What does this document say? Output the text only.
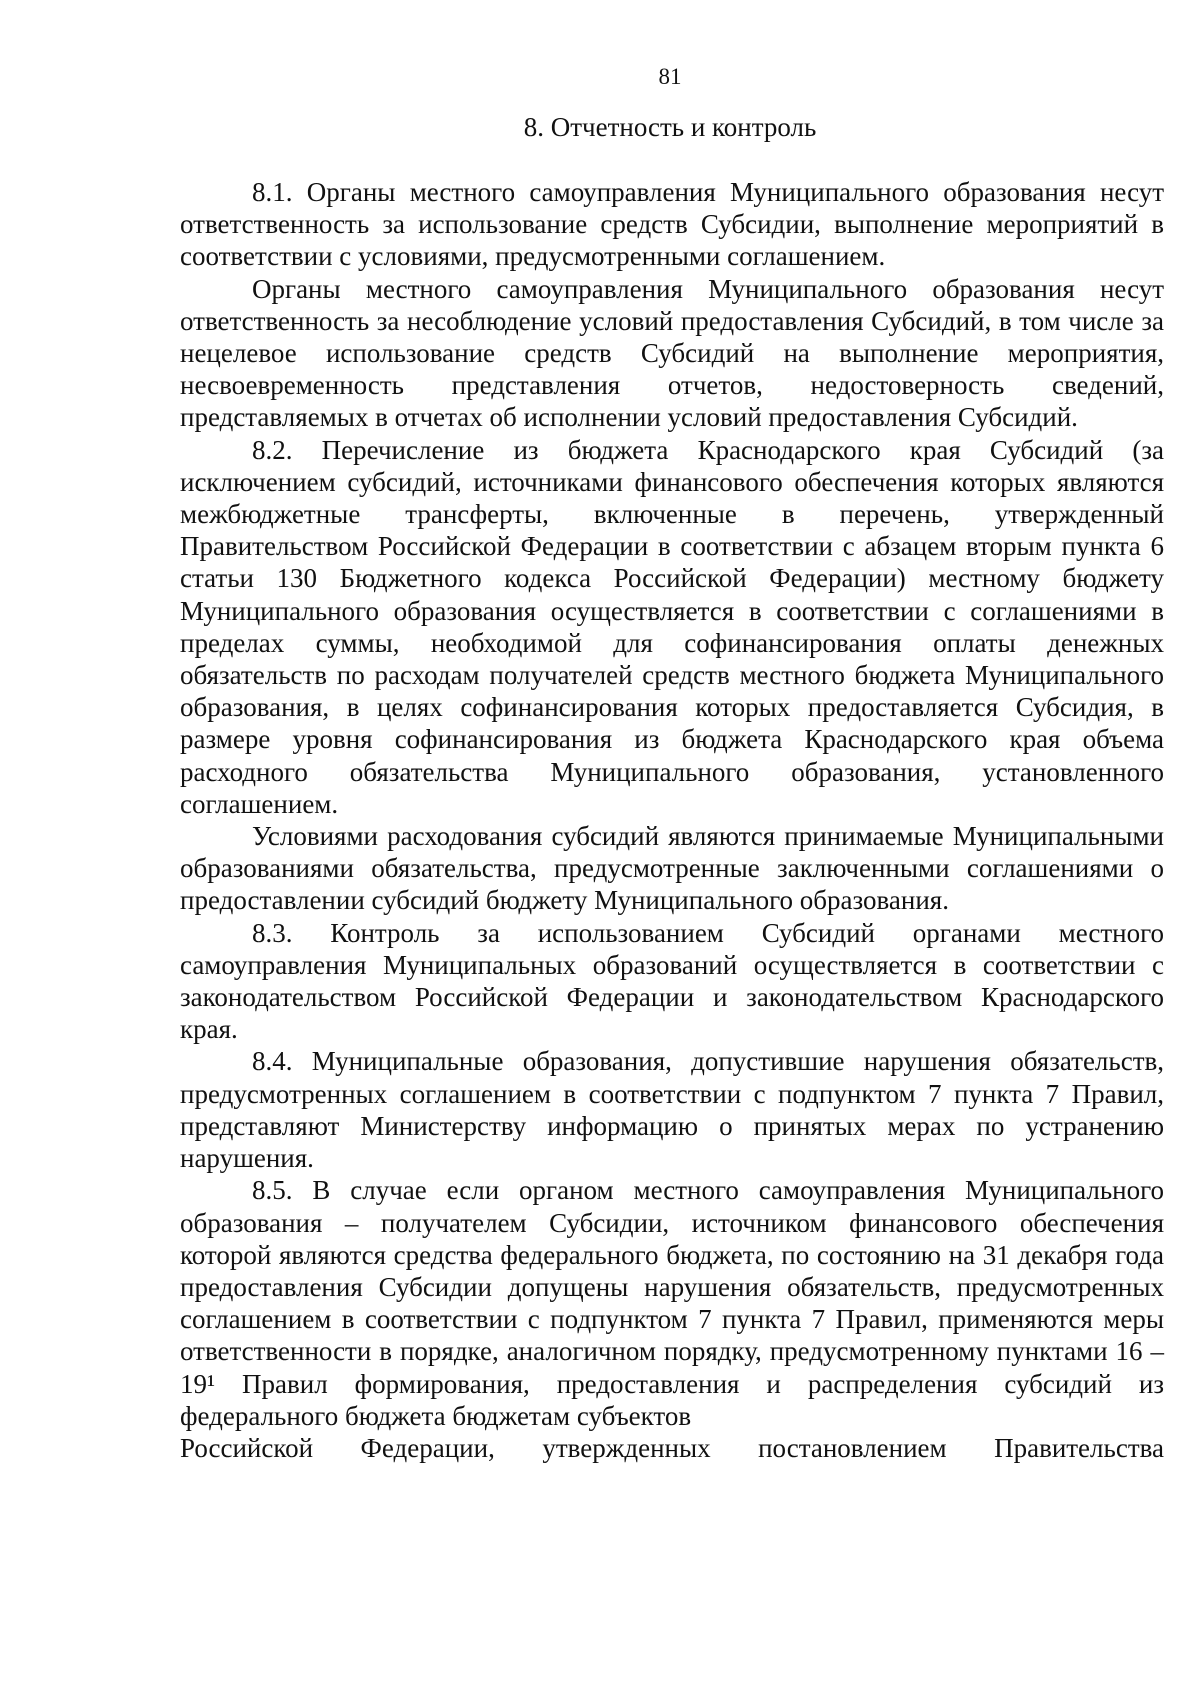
81
8. Отчетность и контроль

8.1. Органы местного самоуправления Муниципального образования несут ответственность за использование средств Субсидии, выполнение мероприятий в соответствии с условиями, предусмотренными соглашением.

Органы местного самоуправления Муниципального образования несут ответственность за несоблюдение условий предоставления Субсидий, в том числе за нецелевое использование средств Субсидий на выполнение мероприятия, несвоевременность представления отчетов, недостоверность сведений, представляемых в отчетах об исполнении условий предоставления Субсидий.

8.2. Перечисление из бюджета Краснодарского края Субсидий (за исключением субсидий, источниками финансового обеспечения которых являются межбюджетные трансферты, включенные в перечень, утвержденный Правительством Российской Федерации в соответствии с абзацем вторым пункта 6 статьи 130 Бюджетного кодекса Российской Федерации) местному бюджету Муниципального образования осуществляется в соответствии с соглашениями в пределах суммы, необходимой для софинансирования оплаты денежных обязательств по расходам получателей средств местного бюджета Муниципального образования, в целях софинансирования которых предоставляется Субсидия, в размере уровня софинансирования из бюджета Краснодарского края объема расходного обязательства Муниципального образования, установленного соглашением.

Условиями расходования субсидий являются принимаемые Муниципальными образованиями обязательства, предусмотренные заключенными соглашениями о предоставлении субсидий бюджету Муниципального образования.

8.3. Контроль за использованием Субсидий органами местного самоуправления Муниципальных образований осуществляется в соответствии с законодательством Российской Федерации и законодательством Краснодарского края.

8.4. Муниципальные образования, допустившие нарушения обязательств, предусмотренных соглашением в соответствии с подпунктом 7 пункта 7 Правил, представляют Министерству информацию о принятых мерах по устранению нарушения.

8.5. В случае если органом местного самоуправления Муниципального образования – получателем Субсидии, источником финансового обеспечения которой являются средства федерального бюджета, по состоянию на 31 декабря года предоставления Субсидии допущены нарушения обязательств, предусмотренных соглашением в соответствии с подпунктом 7 пункта 7 Правил, применяются меры ответственности в порядке, аналогичном порядку, предусмотренному пунктами 16 – 19¹ Правил формирования, предоставления и распределения субсидий из федерального бюджета бюджетам субъектов

Российской Федерации, утвержденных постановлением Правительства
